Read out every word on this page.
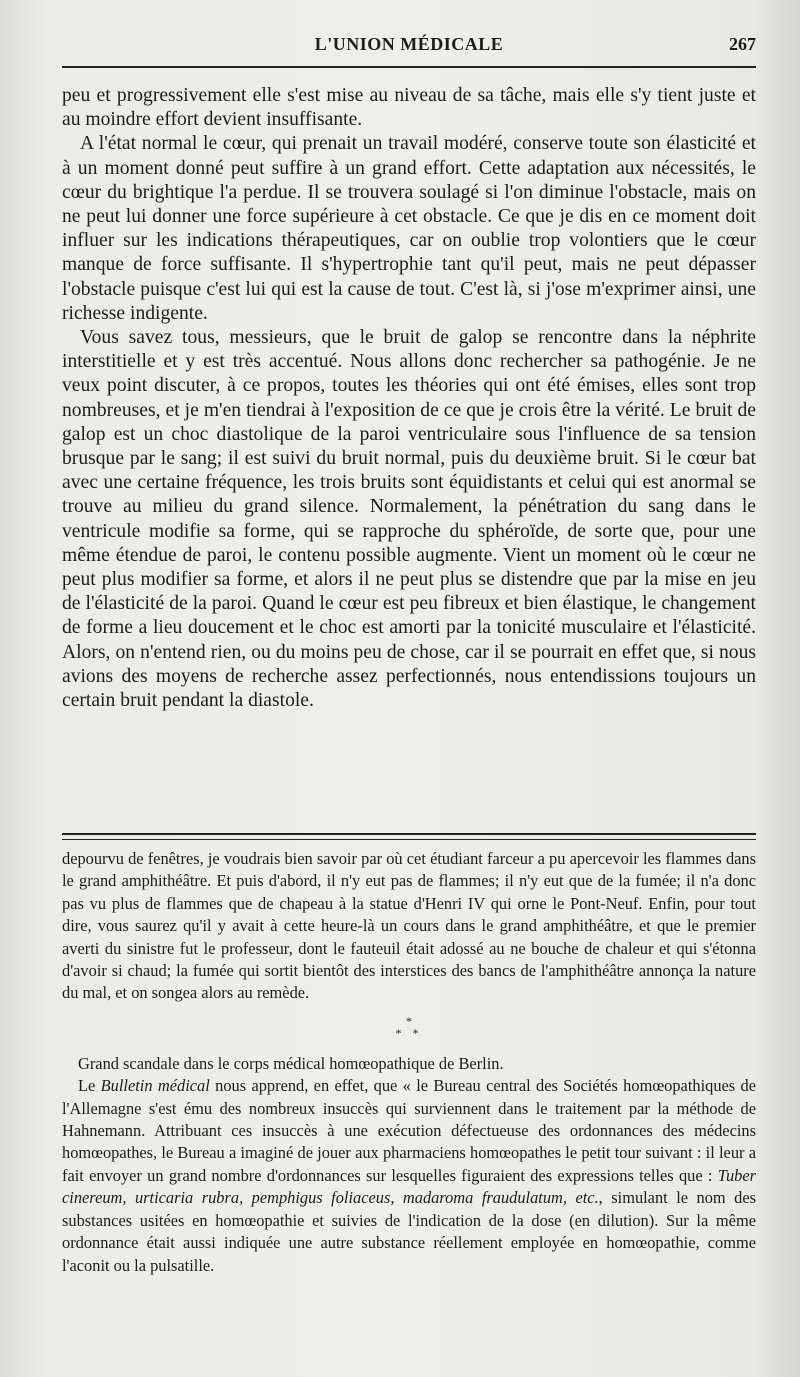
L'UNION MÉDICALE	267

peu et progressivement elle s'est mise au niveau de sa tâche, mais elle s'y tient juste et au moindre effort devient insuffisante.

A l'état normal le cœur, qui prenait un travail modéré, conserve toute son élasticité et à un moment donné peut suffire à un grand effort. Cette adaptation aux nécessités, le cœur du brightique l'a perdue. Il se trouvera soulagé si l'on diminue l'obstacle, mais on ne peut lui donner une force supérieure à cet obstacle. Ce que je dis en ce moment doit influer sur les indications thérapeutiques, car on oublie trop volontiers que le cœur manque de force suffisante. Il s'hypertrophie tant qu'il peut, mais ne peut dépasser l'obstacle puisque c'est lui qui est la cause de tout. C'est là, si j'ose m'exprimer ainsi, une richesse indigente.

Vous savez tous, messieurs, que le bruit de galop se rencontre dans la néphrite interstitielle et y est très accentué. Nous allons donc rechercher sa pathogénie. Je ne veux point discuter, à ce propos, toutes les théories qui ont été émises, elles sont trop nombreuses, et je m'en tiendrai à l'exposition de ce que je crois être la vérité. Le bruit de galop est un choc diastolique de la paroi ventriculaire sous l'influence de sa tension brusque par le sang; il est suivi du bruit normal, puis du deuxième bruit. Si le cœur bat avec une certaine fréquence, les trois bruits sont équidistants et celui qui est anormal se trouve au milieu du grand silence. Normalement, la pénétration du sang dans le ventricule modifie sa forme, qui se rapproche du sphéroïde, de sorte que, pour une même étendue de paroi, le contenu possible augmente. Vient un moment où le cœur ne peut plus modifier sa forme, et alors il ne peut plus se distendre que par la mise en jeu de l'élasticité de la paroi. Quand le cœur est peu fibreux et bien élastique, le changement de forme a lieu doucement et le choc est amorti par la tonicité musculaire et l'élasticité. Alors, on n'entend rien, ou du moins peu de chose, car il se pourrait en effet que, si nous avions des moyens de recherche assez perfectionnés, nous entendissions toujours un certain bruit pendant la diastole.

depourvu de fenêtres, je voudrais bien savoir par où cet étudiant farceur a pu apercevoir les flammes dans le grand amphithéâtre. Et puis d'abord, il n'y eut pas de flammes; il n'y eut que de la fumée; il n'a donc pas vu plus de flammes que de chapeau à la statue d'Henri IV qui orne le Pont-Neuf. Enfin, pour tout dire, vous saurez qu'il y avait à cette heure-là un cours dans le grand amphithéâtre, et que le premier averti du sinistre fut le professeur, dont le fauteuil était adossé au ne bouche de chaleur et qui s'étonna d'avoir si chaud; la fumée qui sortit bientôt des interstices des bancs de l'amphithéâtre annonça la nature du mal, et on songea alors au remède.

*
* *

Grand scandale dans le corps médical homœopathique de Berlin.

Le Bulletin médical nous apprend, en effet, que « le Bureau central des Sociétés homœopathiques de l'Allemagne s'est ému des nombreux insuccès qui surviennent dans le traitement par la méthode de Hahnemann. Attribuant ces insuccès à une exécution défectueuse des ordonnances des médecins homœopathes, le Bureau a imaginé de jouer aux pharmaciens homœopathes le petit tour suivant : il leur a fait envoyer un grand nombre d'ordonnances sur lesquelles figuraient des expressions telles que : Tuber cinereum, urticaria rubra, pemphigus foliaceus, madaroma fraudulatum, etc., simulant le nom des substances usitées en homœopathie et suivies de l'indication de la dose (en dilution). Sur la même ordonnance était aussi indiquée une autre substance réellement employée en homœopathie, comme l'aconit ou la pulsatille.
